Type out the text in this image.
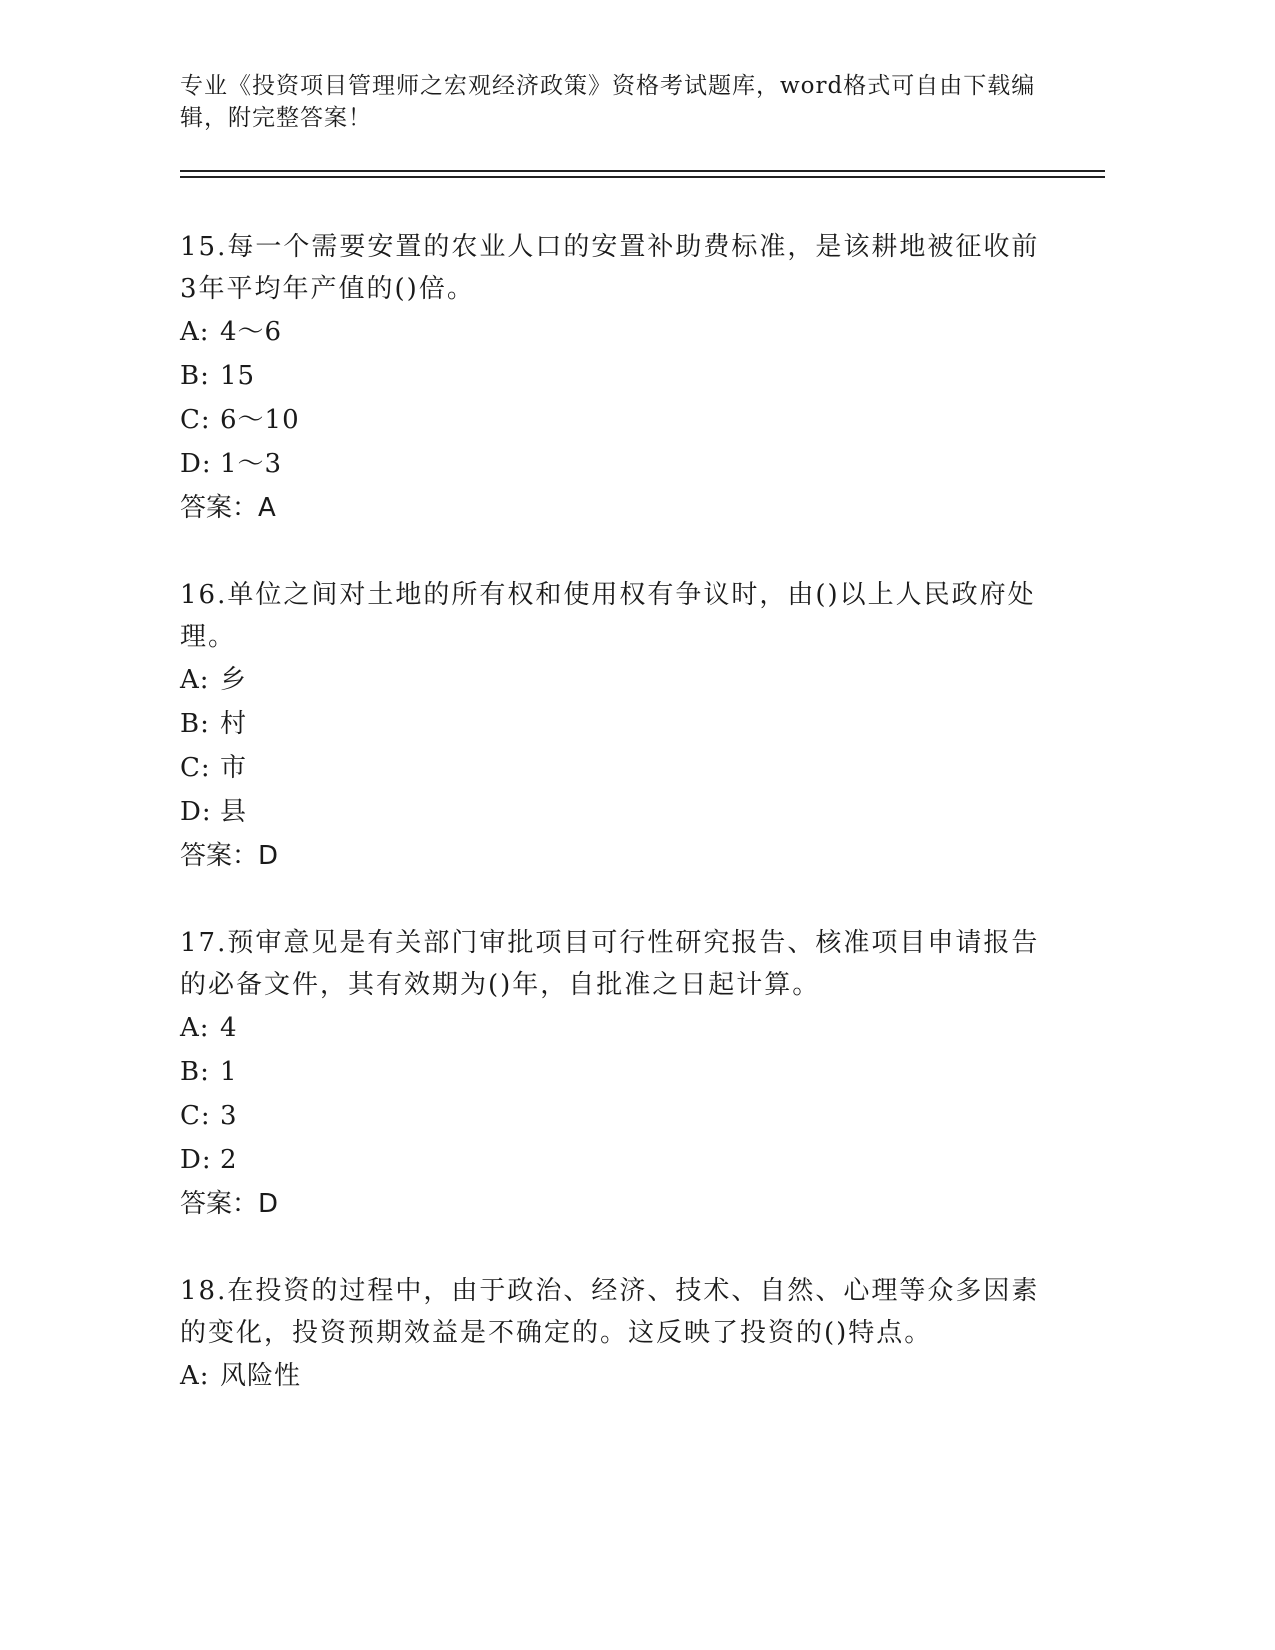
专业《投资项目管理师之宏观经济政策》资格考试题库，word格式可自由下载编
辑，附完整答案！

15.每一个需要安置的农业人口的安置补助费标准，是该耕地被征收前

3年平均年产值的()倍。

A: 4～6

B: 15

C: 6～10

D: 1～3

答案：A

16.单位之间对土地的所有权和使用权有争议时，由()以上人民政府处

理。

A: 乡

B: 村

C: 市

D: 县

答案：D

17.预审意见是有关部门审批项目可行性研究报告、核准项目申请报告

的必备文件，其有效期为()年，自批准之日起计算。

A: 4

B: 1

C: 3

D: 2

答案：D

18.在投资的过程中，由于政治、经济、技术、自然、心理等众多因素

的变化，投资预期效益是不确定的。这反映了投资的()特点。

A: 风险性
